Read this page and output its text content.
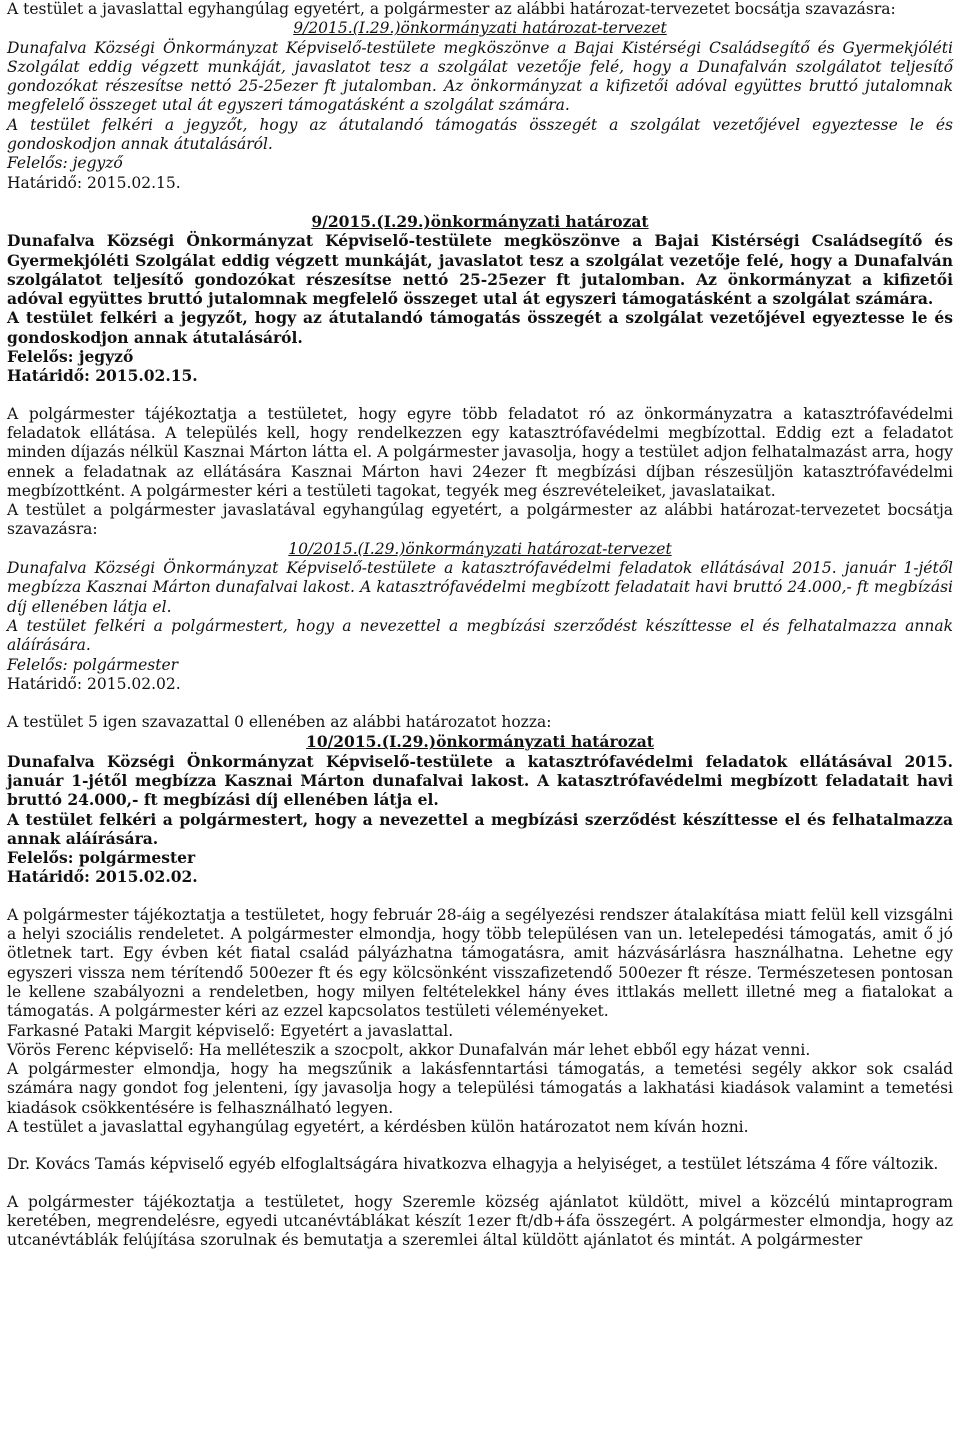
A testület a javaslattal egyhangúlag egyetért, a polgármester az alábbi határozat-tervezetet bocsátja szavazásra:

9/2015.(I.29.)önkormányzati határozat-tervezet

Dunafalva Községi Önkormányzat Képviselő-testülete megköszönve a Bajai Kistérségi Családsegítő és Gyermekjóléti Szolgálat eddig végzett munkáját, javaslatot tesz a szolgálat vezetője felé, hogy a Dunafalván szolgálatot teljesítő gondozókat részesítse nettó 25-25ezer ft jutalomban. Az önkormányzat a kifizetői adóval együttes bruttó jutalomnak megfelelő összeget utal át egyszeri támogatásként a szolgálat számára.

A testület felkéri a jegyzőt, hogy az átutalandó támogatás összegét a szolgálat vezetőjével egyeztesse le és gondoskodjon annak átutalásáról.

Felelős: jegyző

Határidő: 2015.02.15.

9/2015.(I.29.)önkormányzati határozat

Dunafalva Községi Önkormányzat Képviselő-testülete megköszönve a Bajai Kistérségi Családsegítő és Gyermekjóléti Szolgálat eddig végzett munkáját, javaslatot tesz a szolgálat vezetője felé, hogy a Dunafalván szolgálatot teljesítő gondozókat részesítse nettó 25-25ezer ft jutalomban. Az önkormányzat a kifizetői adóval együttes bruttó jutalomnak megfelelő összeget utal át egyszeri támogatásként a szolgálat számára.

A testület felkéri a jegyzőt, hogy az átutalandó támogatás összegét a szolgálat vezetőjével egyeztesse le és gondoskodjon annak átutalásáról.

Felelős: jegyző

Határidő: 2015.02.15.

A polgármester tájékoztatja a testületet, hogy egyre több feladatot ró az önkormányzatra a katasztrófavédelmi feladatok ellátása. A település kell, hogy rendelkezzen egy katasztrófavédelmi megbízottal. Eddig ezt a feladatot minden díjazás nélkül Kasznai Márton látta el. A polgármester javasolja, hogy a testület adjon felhatalmazást arra, hogy ennek a feladatnak az ellátására Kasznai Márton havi 24ezer ft megbízási díjban részesüljön katasztrófavédelmi megbízottként. A polgármester kéri a testületi tagokat, tegyék meg észrevételeiket, javaslataikat.

A testület a polgármester javaslatával egyhangúlag egyetért, a polgármester az alábbi határozat-tervezetet bocsátja szavazásra:

10/2015.(I.29.)önkormányzati határozat-tervezet

Dunafalva Községi Önkormányzat Képviselő-testülete a katasztrófavédelmi feladatok ellátásával 2015. január 1-jétől megbízza Kasznai Márton dunafalvai lakost. A katasztrófavédelmi megbízott feladatait havi bruttó 24.000,- ft megbízási díj ellenében látja el.

A testület felkéri a polgármestert, hogy a nevezettel a megbízási szerződést készíttesse el és felhatalmazza annak aláírására.

Felelős: polgármester

Határidő: 2015.02.02.

A testület 5 igen szavazattal 0 ellenében az alábbi határozatot hozza:

10/2015.(I.29.)önkormányzati határozat

Dunafalva Községi Önkormányzat Képviselő-testülete a katasztrófavédelmi feladatok ellátásával 2015. január 1-jétől megbízza Kasznai Márton dunafalvai lakost. A katasztrófavédelmi megbízott feladatait havi bruttó 24.000,- ft megbízási díj ellenében látja el.

A testület felkéri a polgármestert, hogy a nevezettel a megbízási szerződést készíttesse el és felhatalmazza annak aláírására.

Felelős: polgármester

Határidő: 2015.02.02.

A polgármester tájékoztatja a testületet, hogy február 28-áig a segélyezési rendszer átalakítása miatt felül kell vizsgálni a helyi szociális rendeletet. A polgármester elmondja, hogy több településen van un. letelepedési támogatás, amit ő jó ötletnek tart. Egy évben két fiatal család pályázhatna támogatásra, amit házvásárlásra használhatna. Lehetne egy egyszeri vissza nem térítendő 500ezer ft és egy kölcsönként visszafizetendő 500ezer ft része. Természetesen pontosan le kellene szabályozni a rendeletben, hogy milyen feltételekkel hány éves ittlakás mellett illetné meg a fiatalokat a támogatás. A polgármester kéri az ezzel kapcsolatos testületi véleményeket.

Farkasné Pataki Margit képviselő: Egyetért a javaslattal.

Vörös Ferenc képviselő: Ha melléteszik a szocpolt, akkor Dunafalván már lehet ebből egy házat venni.

A polgármester elmondja, hogy ha megszűnik a lakásfenntartási támogatás, a temetési segély akkor sok család számára nagy gondot fog jelenteni, így javasolja hogy a települési támogatás a lakhatási kiadások valamint a temetési kiadások csökkentésére is felhasználható legyen.

A testület a javaslattal egyhangúlag egyetért, a kérdésben külön határozatot nem kíván hozni.

Dr. Kovács Tamás képviselő egyéb elfoglaltságára hivatkozva elhagyja a helyiséget, a testület létszáma 4 főre változik.

A polgármester tájékoztatja a testületet, hogy Szeremle község ajánlatot küldött, mivel a közcélú mintaprogram keretében, megrendelésre, egyedi utcanévtáblákat készít 1ezer ft/db+áfa összegért. A polgármester elmondja, hogy az utcanévtáblák felújítása szorulnak és bemutatja a szeremlei által küldött ajánlatot és mintát. A polgármester
